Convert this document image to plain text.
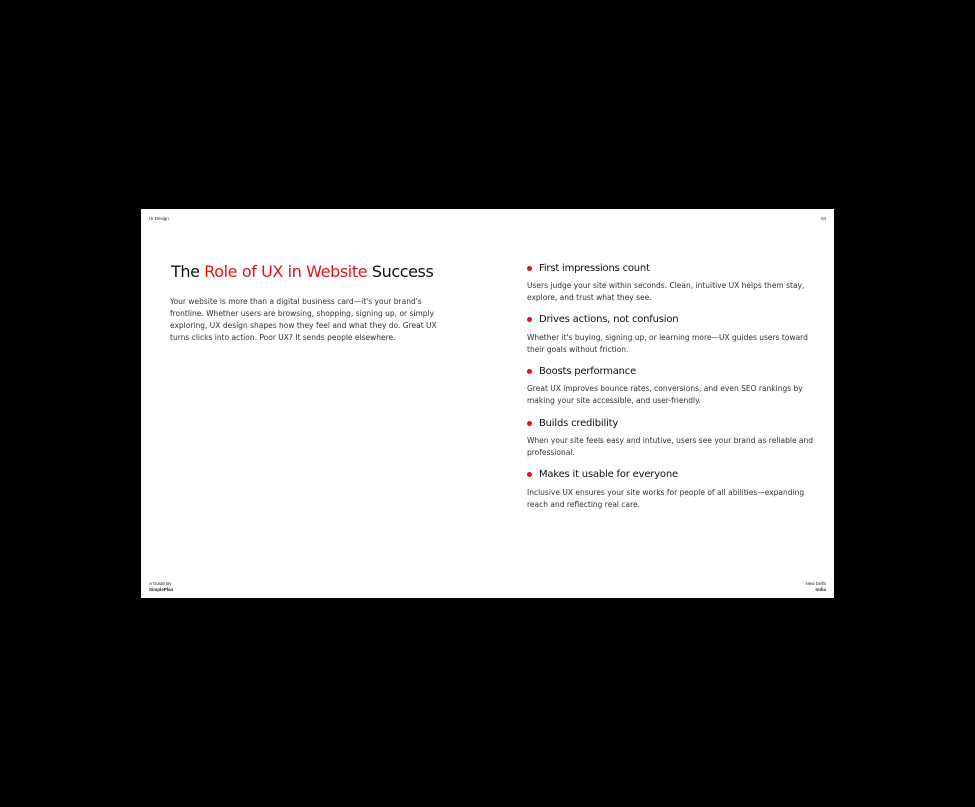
UI Design	04
The Role of UX in Website Success

Your website is more than a digital business card—it's your brand's frontline. Whether users are browsing, shopping, signing up, or simply exploring, UX design shapes how they feel and what they do. Great UX turns clicks into action. Poor UX? It sends people elsewhere.

First impressions count

Users judge your site within seconds. Clean, intuitive UX helps them stay, explore, and trust what they see.

Drives actions, not confusion

Whether it's buying, signing up, or learning more—UX guides users toward their goals without friction.

Boosts performance

Great UX improves bounce rates, conversions, and even SEO rankings by making your site accessible, and user-friendly.

Builds credibility

When your site feels easy and intutive, users see your brand as reliable and professional.

Makes it usable for everyone

Inclusive UX ensures your site works for people of all abilities—expanding reach and reflecting real care.

A Guide By
SimplePlan
New Delhi
India
